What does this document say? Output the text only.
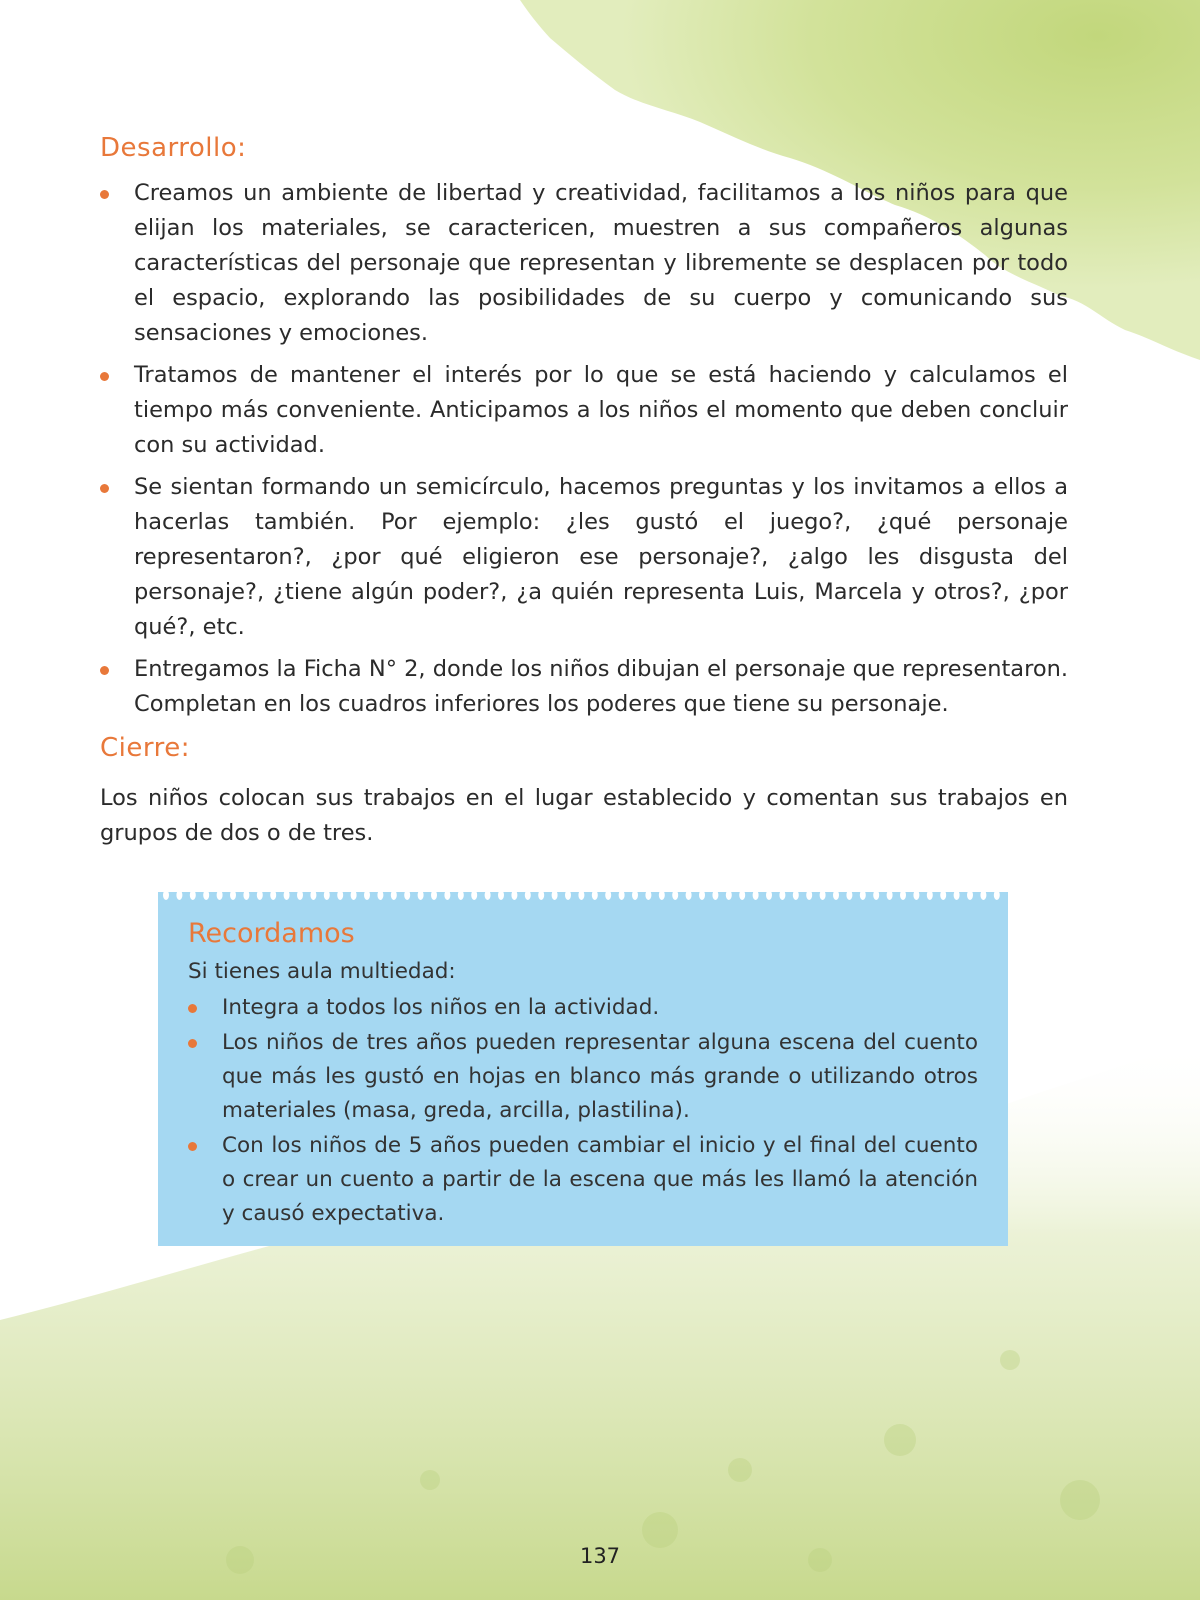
Desarrollo:
Creamos un ambiente de libertad y creatividad, facilitamos a los niños para que elijan los materiales, se caractericen, muestren a sus compañeros algunas características del personaje que representan y libremente se desplacen por todo el espacio, explorando las posibilidades de su cuerpo y comunicando sus sensaciones y emociones.
Tratamos de mantener el interés por lo que se está haciendo y calculamos el tiempo más conveniente. Anticipamos a los niños el momento que deben concluir con su actividad.
Se sientan formando un semicírculo, hacemos preguntas y los invitamos a ellos a hacerlas también. Por ejemplo: ¿les gustó el juego?, ¿qué personaje representaron?, ¿por qué eligieron ese personaje?, ¿algo les disgusta del personaje?, ¿tiene algún poder?, ¿a quién representa Luis, Marcela y otros?, ¿por qué?, etc.
Entregamos la Ficha N° 2, donde los niños dibujan el personaje que representaron. Completan en los cuadros inferiores los poderes que tiene su personaje.
Cierre:

Los niños colocan sus trabajos en el lugar establecido y comentan sus trabajos en grupos de dos o de tres.

Recordamos

Si tienes aula multiedad:

Integra a todos los niños en la actividad.
Los niños de tres años pueden representar alguna escena del cuento que más les gustó en hojas en blanco más grande o utilizando otros materiales (masa, greda, arcilla, plastilina).
Con los niños de 5 años pueden cambiar el inicio y el final del cuento o crear un cuento a partir de la escena que más les llamó la atención y causó expectativa.
137
